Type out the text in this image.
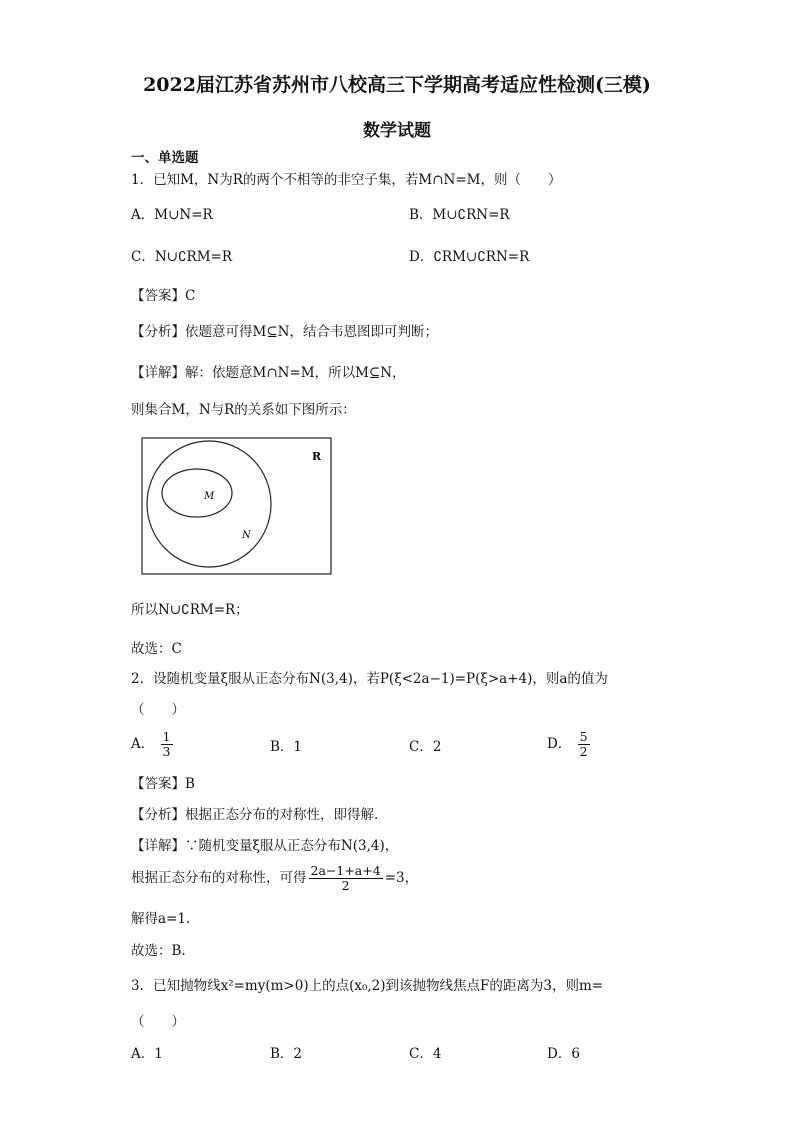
2022届江苏省苏州市八校高三下学期高考适应性检测(三模)
数学试题
一、单选题
1．已知M，N为R的两个不相等的非空子集，若M∩N=M，则（　　）
A．M∪N=R	B．M∪∁RN=R
C．N∪∁RM=R	D．∁RM∪∁RN=R
【答案】C
【分析】依题意可得M⊆N，结合韦恩图即可判断；
【详解】解：依题意M∩N=M，所以M⊆N，
则集合M，N与R的关系如下图所示：
R
M
N
所以N∪∁RM=R；
故选：C
2．设随机变量ξ服从正态分布N(3,4)，若P(ξ<2a−1)=P(ξ>a+4)，则a的值为
（　　）
A． $\frac{1}{3}$	B．1	C．2	D． $\frac{5}{2}$
【答案】B
【分析】根据正态分布的对称性，即得解.
【详解】∵随机变量ξ服从正态分布N(3,4)，
根据正态分布的对称性，可得 $\frac{2a-1+a+4}{2} =3$，
解得a=1.
故选：B.
3．已知抛物线x²=my(m>0)上的点(x₀,2)到该抛物线焦点F的距离为3，则m=
（　　）
A．1	B．2	C．4	D．6
